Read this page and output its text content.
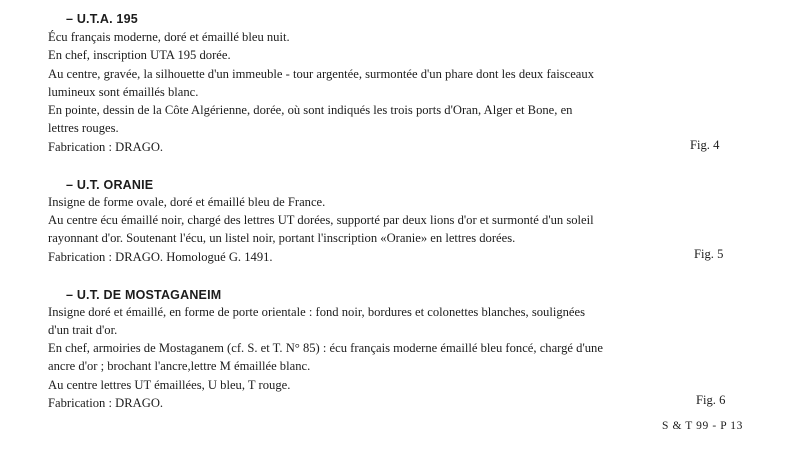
– U.T.A. 195
Écu français moderne, doré et émaillé bleu nuit.
En chef, inscription UTA 195 dorée.
Au centre, gravée, la silhouette d'un immeuble - tour argentée, surmontée d'un phare dont les deux faisceaux
lumineux sont émaillés blanc.
En pointe, dessin de la Côte Algérienne, dorée, où sont indiqués les trois ports d'Oran, Alger et Bone, en
lettres rouges.
Fabrication : DRAGO.	Fig. 4
– U.T. ORANIE
Insigne de forme ovale, doré et émaillé bleu de France.
Au centre écu émaillé noir, chargé des lettres UT dorées, supporté par deux lions d'or et surmonté d'un soleil
rayonnant d'or. Soutenant l'écu, un listel noir, portant l'inscription «Oranie» en lettres dorées.
Fabrication : DRAGO. Homologué G. 1491.	Fig. 5
– U.T. DE MOSTAGANEIM
Insigne doré et émaillé, en forme de porte orientale : fond noir, bordures et colonettes blanches, soulignées
d'un trait d'or.
En chef, armoiries de Mostaganem (cf. S. et T. N° 85) : écu français moderne émaillé bleu foncé, chargé d'une
ancre d'or ; brochant l'ancre,lettre M émaillée blanc.
Au centre lettres UT émaillées, U bleu, T rouge.
Fabrication : DRAGO.	Fig. 6
S & T 99 - P 13
